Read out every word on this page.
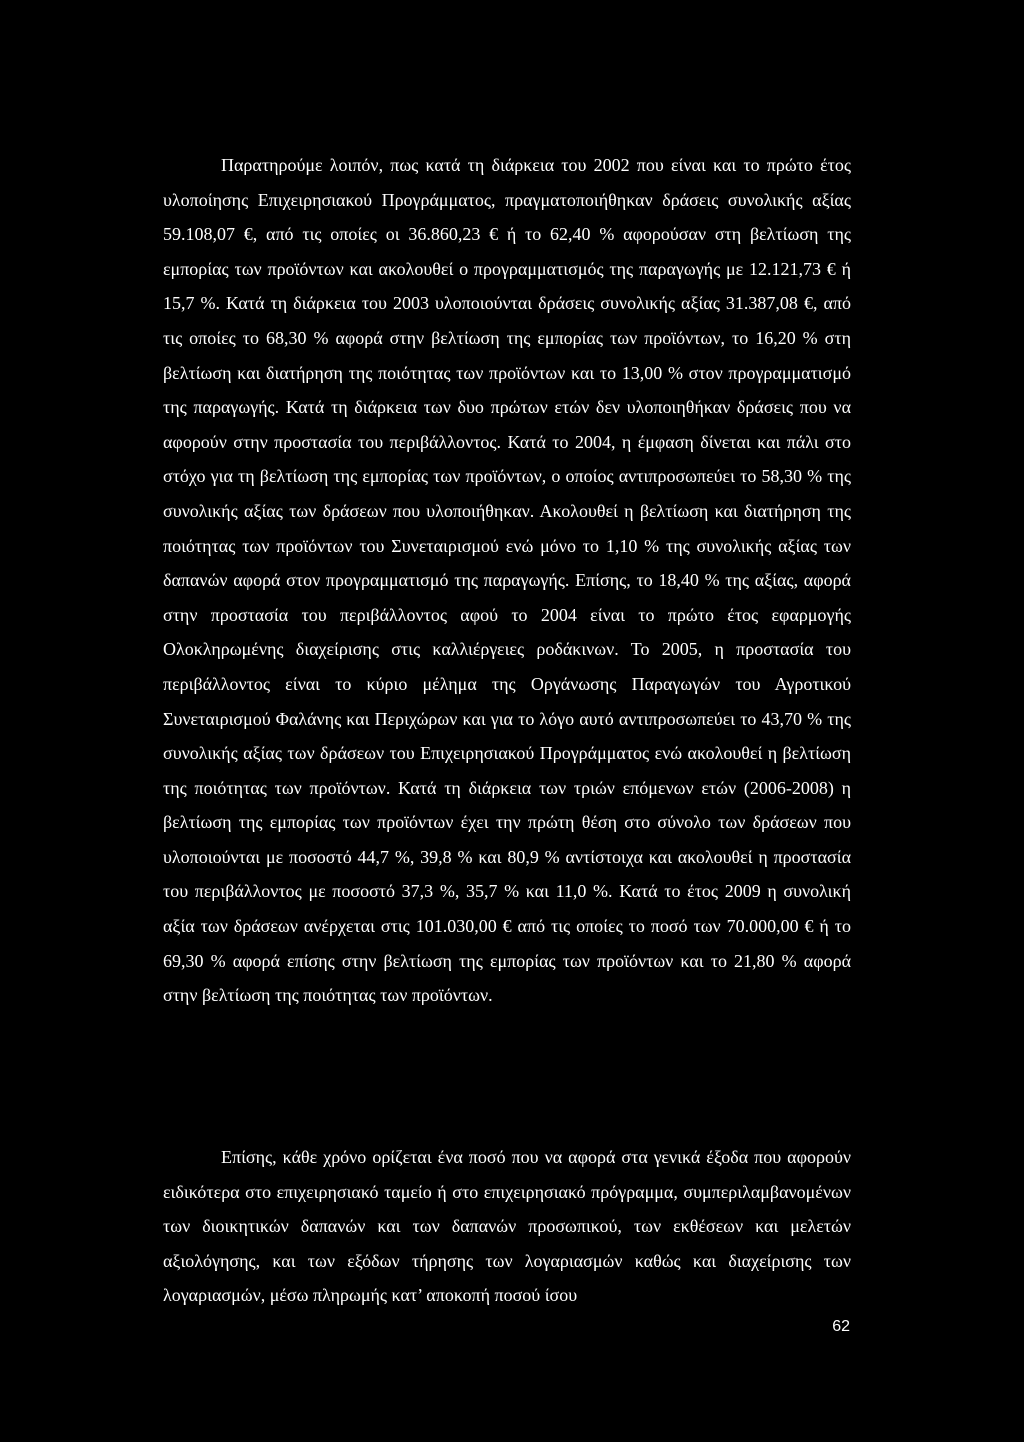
Παρατηρούμε λοιπόν, πως κατά τη διάρκεια του 2002 που είναι και το πρώτο έτος υλοποίησης Επιχειρησιακού Προγράμματος, πραγματοποιήθηκαν δράσεις συνολικής αξίας 59.108,07 €, από τις οποίες οι 36.860,23 € ή το 62,40 % αφορούσαν στη βελτίωση της εμπορίας των προϊόντων και ακολουθεί ο προγραμματισμός της παραγωγής με 12.121,73 € ή 15,7 %. Κατά τη διάρκεια του 2003 υλοποιούνται δράσεις συνολικής αξίας 31.387,08 €, από τις οποίες το 68,30 % αφορά στην βελτίωση της εμπορίας των προϊόντων, το 16,20 % στη βελτίωση και διατήρηση της ποιότητας των προϊόντων και το 13,00 % στον προγραμματισμό της παραγωγής. Κατά τη διάρκεια των δυο πρώτων ετών δεν υλοποιηθήκαν δράσεις που να αφορούν στην προστασία του περιβάλλοντος. Κατά το 2004, η έμφαση δίνεται και πάλι στο στόχο για τη βελτίωση της εμπορίας των προϊόντων, ο οποίος αντιπροσωπεύει το 58,30 % της συνολικής αξίας των δράσεων που υλοποιήθηκαν. Ακολουθεί η βελτίωση και διατήρηση της ποιότητας των προϊόντων του Συνεταιρισμού ενώ μόνο το 1,10 % της συνολικής αξίας των δαπανών αφορά στον προγραμματισμό της παραγωγής. Επίσης, το 18,40 % της αξίας, αφορά στην προστασία του περιβάλλοντος αφού το 2004 είναι το πρώτο έτος εφαρμογής Ολοκληρωμένης διαχείρισης στις καλλιέργειες ροδάκινων. Το 2005, η προστασία του περιβάλλοντος είναι το κύριο μέλημα της Οργάνωσης Παραγωγών του Αγροτικού Συνεταιρισμού Φαλάνης και Περιχώρων και για το λόγο αυτό αντιπροσωπεύει το 43,70 % της συνολικής αξίας των δράσεων του Επιχειρησιακού Προγράμματος ενώ ακολουθεί η βελτίωση της ποιότητας των προϊόντων. Κατά τη διάρκεια των τριών επόμενων ετών (2006-2008) η βελτίωση της εμπορίας των προϊόντων έχει την πρώτη θέση στο σύνολο των δράσεων που υλοποιούνται με ποσοστό 44,7 %, 39,8 % και 80,9 % αντίστοιχα και ακολουθεί η προστασία του περιβάλλοντος με ποσοστό 37,3 %, 35,7 % και 11,0 %. Κατά το έτος 2009 η συνολική αξία των δράσεων ανέρχεται στις 101.030,00 € από τις οποίες το ποσό των 70.000,00 € ή το 69,30 % αφορά επίσης στην βελτίωση της εμπορίας των προϊόντων και το 21,80 % αφορά στην βελτίωση της ποιότητας των προϊόντων.

Επίσης, κάθε χρόνο ορίζεται ένα ποσό που να αφορά στα γενικά έξοδα που αφορούν ειδικότερα στο επιχειρησιακό ταμείο ή στο επιχειρησιακό πρόγραμμα, συμπεριλαμβανομένων των διοικητικών δαπανών και των δαπανών προσωπικού, των εκθέσεων και μελετών αξιολόγησης, και των εξόδων τήρησης των λογαριασμών καθώς και διαχείρισης των λογαριασμών, μέσω πληρωμής κατ’ αποκοπή ποσού ίσου

62
